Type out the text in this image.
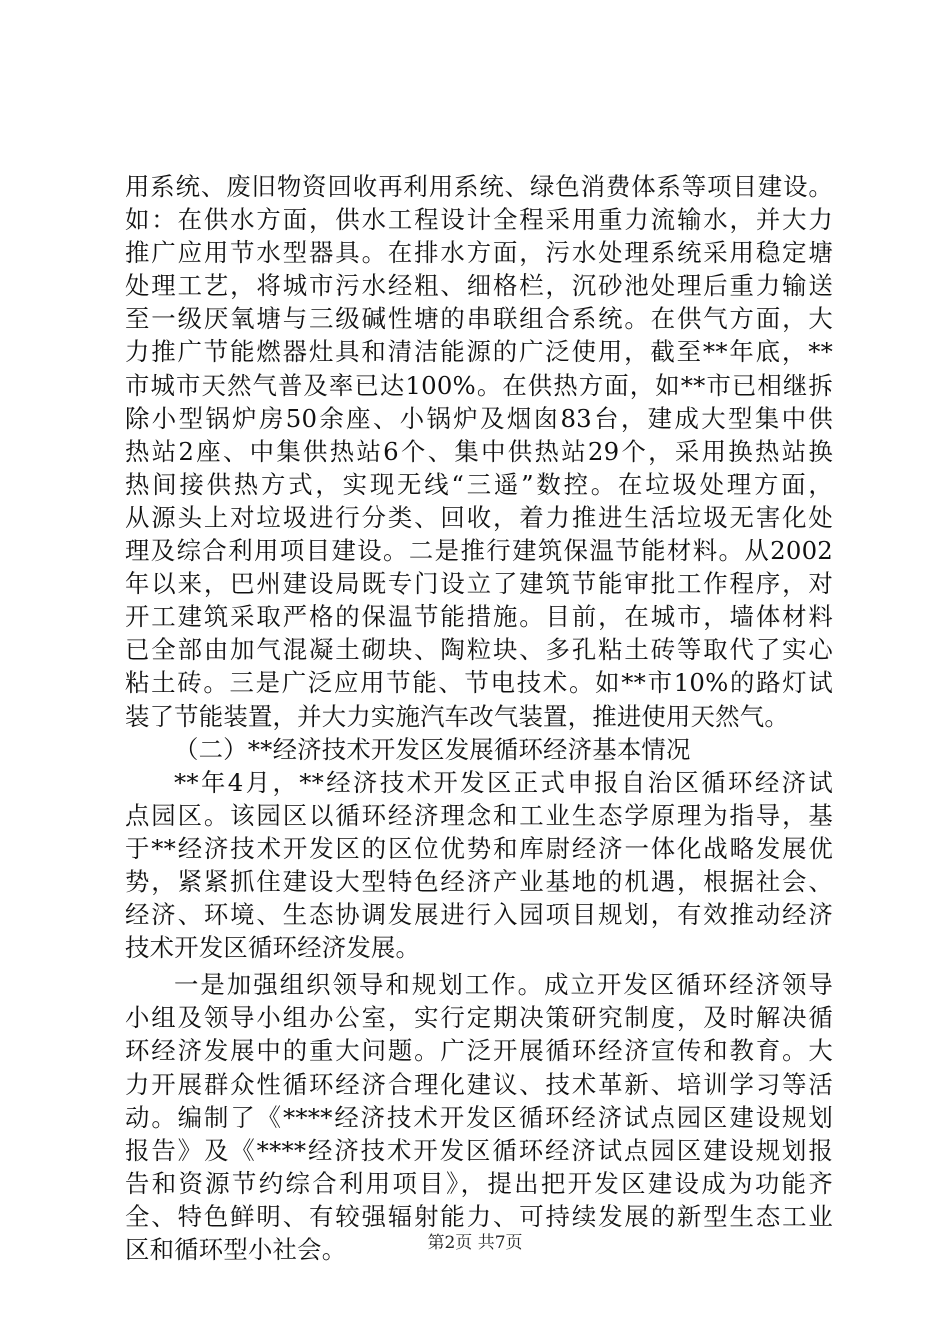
用系统、废旧物资回收再利用系统、绿色消费体系等项目建设。
如：在供水方面，供水工程设计全程采用重力流输水，并大力
推广应用节水型器具。在排水方面，污水处理系统采用稳定塘
处理工艺，将城市污水经粗、细格栏，沉砂池处理后重力输送
至一级厌氧塘与三级碱性塘的串联组合系统。在供气方面，大
力推广节能燃器灶具和清洁能源的广泛使用，截至**年底，**
市城市天然气普及率已达100%。在供热方面，如**市已相继拆
除小型锅炉房50余座、小锅炉及烟囱83台，建成大型集中供
热站2座、中集供热站6个、集中供热站29个，采用换热站换
热间接供热方式，实现无线“三遥”数控。在垃圾处理方面，
从源头上对垃圾进行分类、回收，着力推进生活垃圾无害化处
理及综合利用项目建设。二是推行建筑保温节能材料。从2002
年以来，巴州建设局既专门设立了建筑节能审批工作程序，对
开工建筑采取严格的保温节能措施。目前，在城市，墙体材料
已全部由加气混凝土砌块、陶粒块、多孔粘土砖等取代了实心
粘土砖。三是广泛应用节能、节电技术。如**市10%的路灯试
装了节能装置，并大力实施汽车改气装置，推进使用天然气。
（二）**经济技术开发区发展循环经济基本情况
**年4月，**经济技术开发区正式申报自治区循环经济试
点园区。该园区以循环经济理念和工业生态学原理为指导，基
于**经济技术开发区的区位优势和库尉经济一体化战略发展优
势，紧紧抓住建设大型特色经济产业基地的机遇，根据社会、
经济、环境、生态协调发展进行入园项目规划，有效推动经济
技术开发区循环经济发展。
一是加强组织领导和规划工作。成立开发区循环经济领导
小组及领导小组办公室，实行定期决策研究制度，及时解决循
环经济发展中的重大问题。广泛开展循环经济宣传和教育。大
力开展群众性循环经济合理化建议、技术革新、培训学习等活
动。编制了《****经济技术开发区循环经济试点园区建设规划
报告》及《****经济技术开发区循环经济试点园区建设规划报
告和资源节约综合利用项目》，提出把开发区建设成为功能齐
全、特色鲜明、有较强辐射能力、可持续发展的新型生态工业
区和循环型小社会。	第2页 共7页
